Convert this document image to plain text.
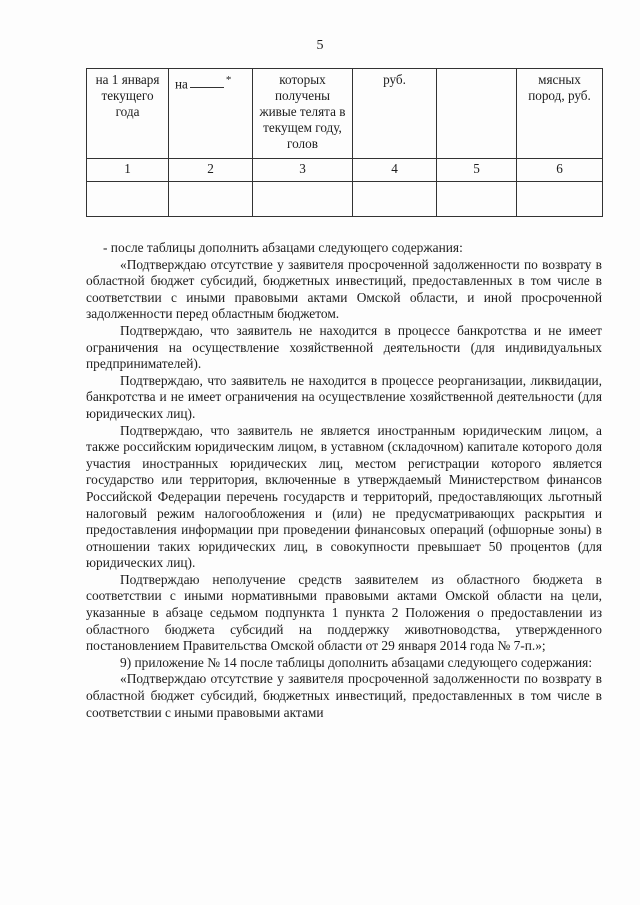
5
на 1 января текущего года	на *	которых получены живые телята в текущем году, голов	руб.		мясных пород, руб.
1	2	3	4	5	6

- после таблицы дополнить абзацами следующего содержания:

«Подтверждаю отсутствие у заявителя просроченной задолженности по возврату в областной бюджет субсидий, бюджетных инвестиций, предоставленных в том числе в соответствии с иными правовыми актами Омской области, и иной просроченной задолженности перед областным бюджетом.

Подтверждаю, что заявитель не находится в процессе банкротства и не имеет ограничения на осуществление хозяйственной деятельности (для индивидуальных предпринимателей).

Подтверждаю, что заявитель не находится в процессе реорганизации, ликвидации, банкротства и не имеет ограничения на осуществление хозяйственной деятельности (для юридических лиц).

Подтверждаю, что заявитель не является иностранным юридическим лицом, а также российским юридическим лицом, в уставном (складочном) капитале которого доля участия иностранных юридических лиц, местом регистрации которого является государство или территория, включенные в утверждаемый Министерством финансов Российской Федерации перечень государств и территорий, предоставляющих льготный налоговый режим налогообложения и (или) не предусматривающих раскрытия и предоставления информации при проведении финансовых операций (офшорные зоны) в отношении таких юридических лиц, в совокупности превышает 50 процентов (для юридических лиц).

Подтверждаю неполучение средств заявителем из областного бюджета в соответствии с иными нормативными правовыми актами Омской области на цели, указанные в абзаце седьмом подпункта 1 пункта 2 Положения о предоставлении из областного бюджета субсидий на поддержку животноводства, утвержденного постановлением Правительства Омской области от 29 января 2014 года № 7-п.»;

9) приложение № 14 после таблицы дополнить абзацами следующего содержания:

«Подтверждаю отсутствие у заявителя просроченной задолженности по возврату в областной бюджет субсидий, бюджетных инвестиций, предоставленных в том числе в соответствии с иными правовыми актами
